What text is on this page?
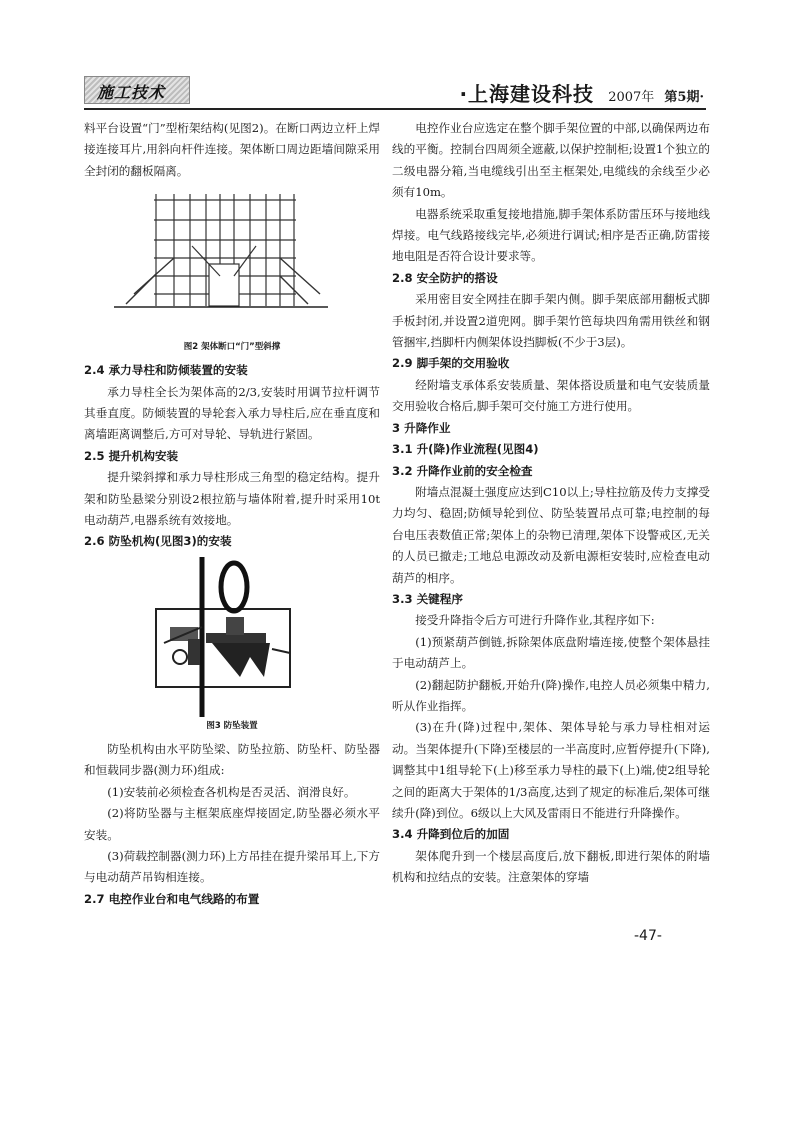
施工技术	·上海建设科技 2007年 第5期·

料平台设置“门”型桁架结构(见图2)。在断口两边立杆上焊接连接耳片,用斜向杆件连接。架体断口周边距墙间隙采用全封闭的翻板隔离。

图2 架体断口“门”型斜撑

2.4 承力导柱和防倾装置的安装

承力导柱全长为架体高的2/3,安装时用调节拉杆调节其垂直度。防倾装置的导轮套入承力导柱后,应在垂直度和离墙距离调整后,方可对导轮、导轨进行紧固。

2.5 提升机构安装

提升梁斜撑和承力导柱形成三角型的稳定结构。提升架和防坠悬梁分别设2根拉筋与墙体附着,提升时采用10t电动葫芦,电器系统有效接地。

2.6 防坠机构(见图3)的安装

图3 防坠装置

防坠机构由水平防坠梁、防坠拉筋、防坠杆、防坠器和恒载同步器(测力环)组成:

(1)安装前必须检查各机构是否灵活、润滑良好。

(2)将防坠器与主框架底座焊接固定,防坠器必须水平安装。

(3)荷载控制器(测力环)上方吊挂在提升梁吊耳上,下方与电动葫芦吊钩相连接。

2.7 电控作业台和电气线路的布置

电控作业台应选定在整个脚手架位置的中部,以确保两边布线的平衡。控制台四周须全遮蔽,以保护控制柜;设置1个独立的二级电器分箱,当电缆线引出至主框架处,电缆线的余线至少必须有10m。

电器系统采取重复接地措施,脚手架体系防雷压环与接地线焊接。电气线路接线完毕,必须进行调试;相序是否正确,防雷接地电阻是否符合设计要求等。

2.8 安全防护的搭设

采用密目安全网挂在脚手架内侧。脚手架底部用翻板式脚手板封闭,并设置2道兜网。脚手架竹笆每块四角需用铁丝和钢管捆牢,挡脚杆内侧架体设挡脚板(不少于3层)。

2.9 脚手架的交用验收

经附墙支承体系安装质量、架体搭设质量和电气安装质量交用验收合格后,脚手架可交付施工方进行使用。

3 升降作业

3.1 升(降)作业流程(见图4)

3.2 升降作业前的安全检查

附墙点混凝土强度应达到C10以上;导柱拉筋及传力支撑受力均匀、稳固;防倾导轮到位、防坠装置吊点可靠;电控制的每台电压表数值正常;架体上的杂物已清理,架体下设警戒区,无关的人员已撤走;工地总电源改动及新电源柜安装时,应检查电动葫芦的相序。

3.3 关键程序

接受升降指令后方可进行升降作业,其程序如下:

(1)预紧葫芦倒链,拆除架体底盘附墙连接,使整个架体悬挂于电动葫芦上。

(2)翻起防护翻板,开始升(降)操作,电控人员必须集中精力,听从作业指挥。

(3)在升(降)过程中,架体、架体导轮与承力导柱相对运动。当架体提升(下降)至楼层的一半高度时,应暂停提升(下降),调整其中1组导轮下(上)移至承力导柱的最下(上)端,使2组导轮之间的距离大于架体的1/3高度,达到了规定的标准后,架体可继续升(降)到位。6级以上大风及雷雨日不能进行升降操作。

3.4 升降到位后的加固

架体爬升到一个楼层高度后,放下翻板,即进行架体的附墙机构和拉结点的安装。注意架体的穿墙

-47-
